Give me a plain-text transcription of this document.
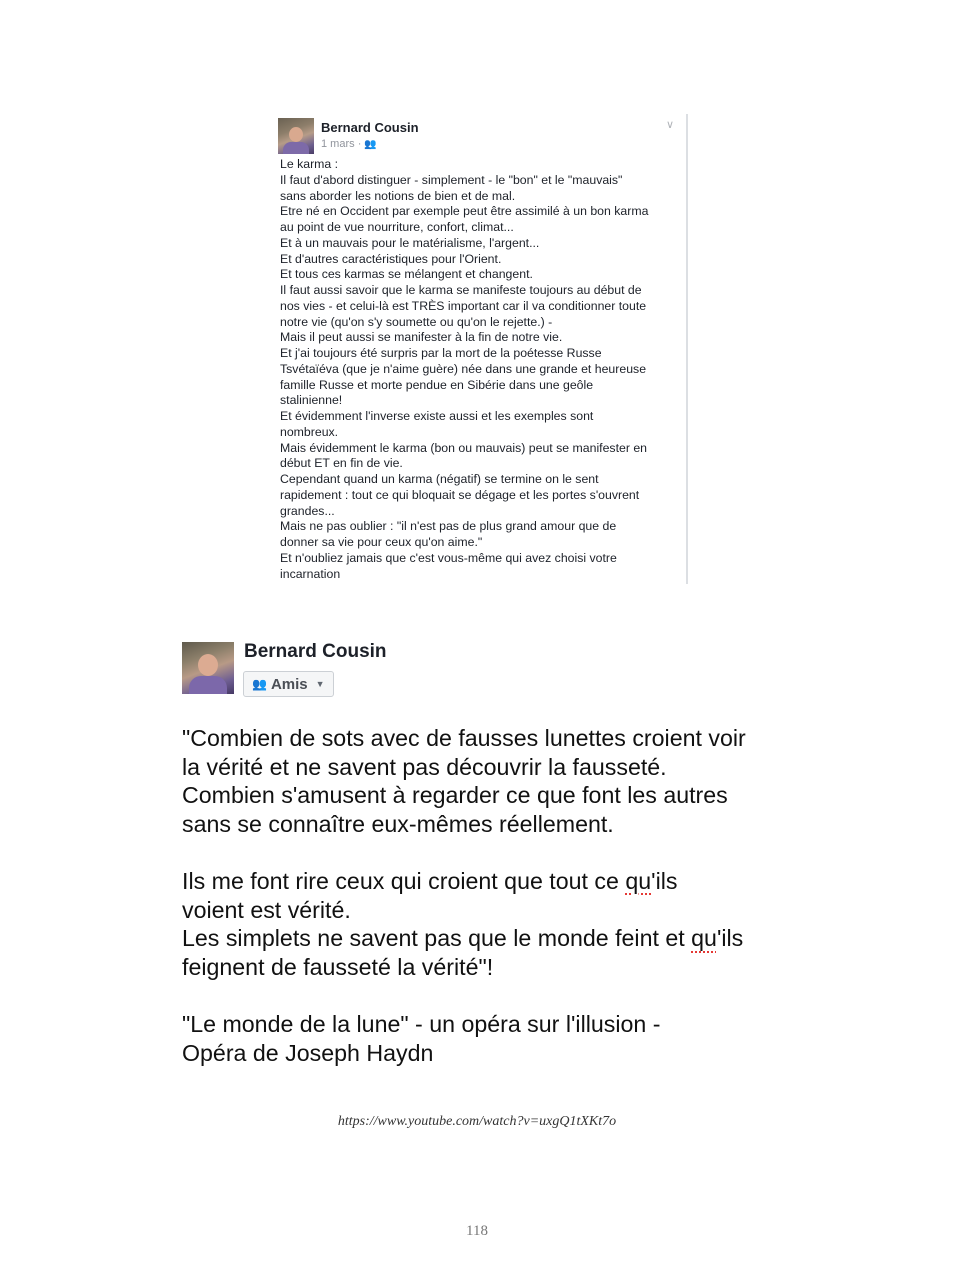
Bernard Cousin
1 mars · 👥
∨
Le karma :
Il faut d'abord distinguer - simplement - le "bon" et le "mauvais"
sans aborder les notions de bien et de mal.
Etre né en Occident par exemple peut être assimilé à un bon karma
au point de vue nourriture, confort, climat...
Et à un mauvais pour le matérialisme, l'argent...
Et d'autres caractéristiques pour l'Orient.
Et tous ces karmas se mélangent et changent.
Il faut aussi savoir que le karma se manifeste toujours au début de
nos vies - et celui-là est TRÈS important car il va conditionner toute
notre vie (qu'on s'y soumette ou qu'on le rejette.) -
Mais il peut aussi se manifester à la fin de notre vie.
Et j'ai toujours été surpris par la mort de la poétesse Russe
Tsvétaïéva (que je n'aime guère) née dans une grande et heureuse
famille Russe et morte pendue en Sibérie dans une geôle
stalinienne!
Et évidemment l'inverse existe aussi et les exemples sont
nombreux.
Mais évidemment le karma (bon ou mauvais) peut se manifester en
début ET en fin de vie.
Cependant quand un karma (négatif) se termine on le sent
rapidement : tout ce qui bloquait se dégage et les portes s'ouvrent
grandes...
Mais ne pas oublier : "il n'est pas de plus grand amour que de
donner sa vie pour ceux qu'on aime."
Et n'oubliez jamais que c'est vous-même qui avez choisi votre
incarnation
Bernard Cousin
👥 Amis ▼
"Combien de sots avec de fausses lunettes croient voir
la vérité et ne savent pas découvrir la fausseté.
Combien s'amusent à regarder ce que font les autres
sans se connaître eux-mêmes réellement.
Ils me font rire ceux qui croient que tout ce qu'ils
voient est vérité.
Les simplets ne savent pas que le monde feint et qu'ils
feignent de fausseté la vérité"!
"Le monde de la lune" - un opéra sur l'illusion -
Opéra de Joseph Haydn
https://www.youtube.com/watch?v=uxgQ1tXKt7o
118
